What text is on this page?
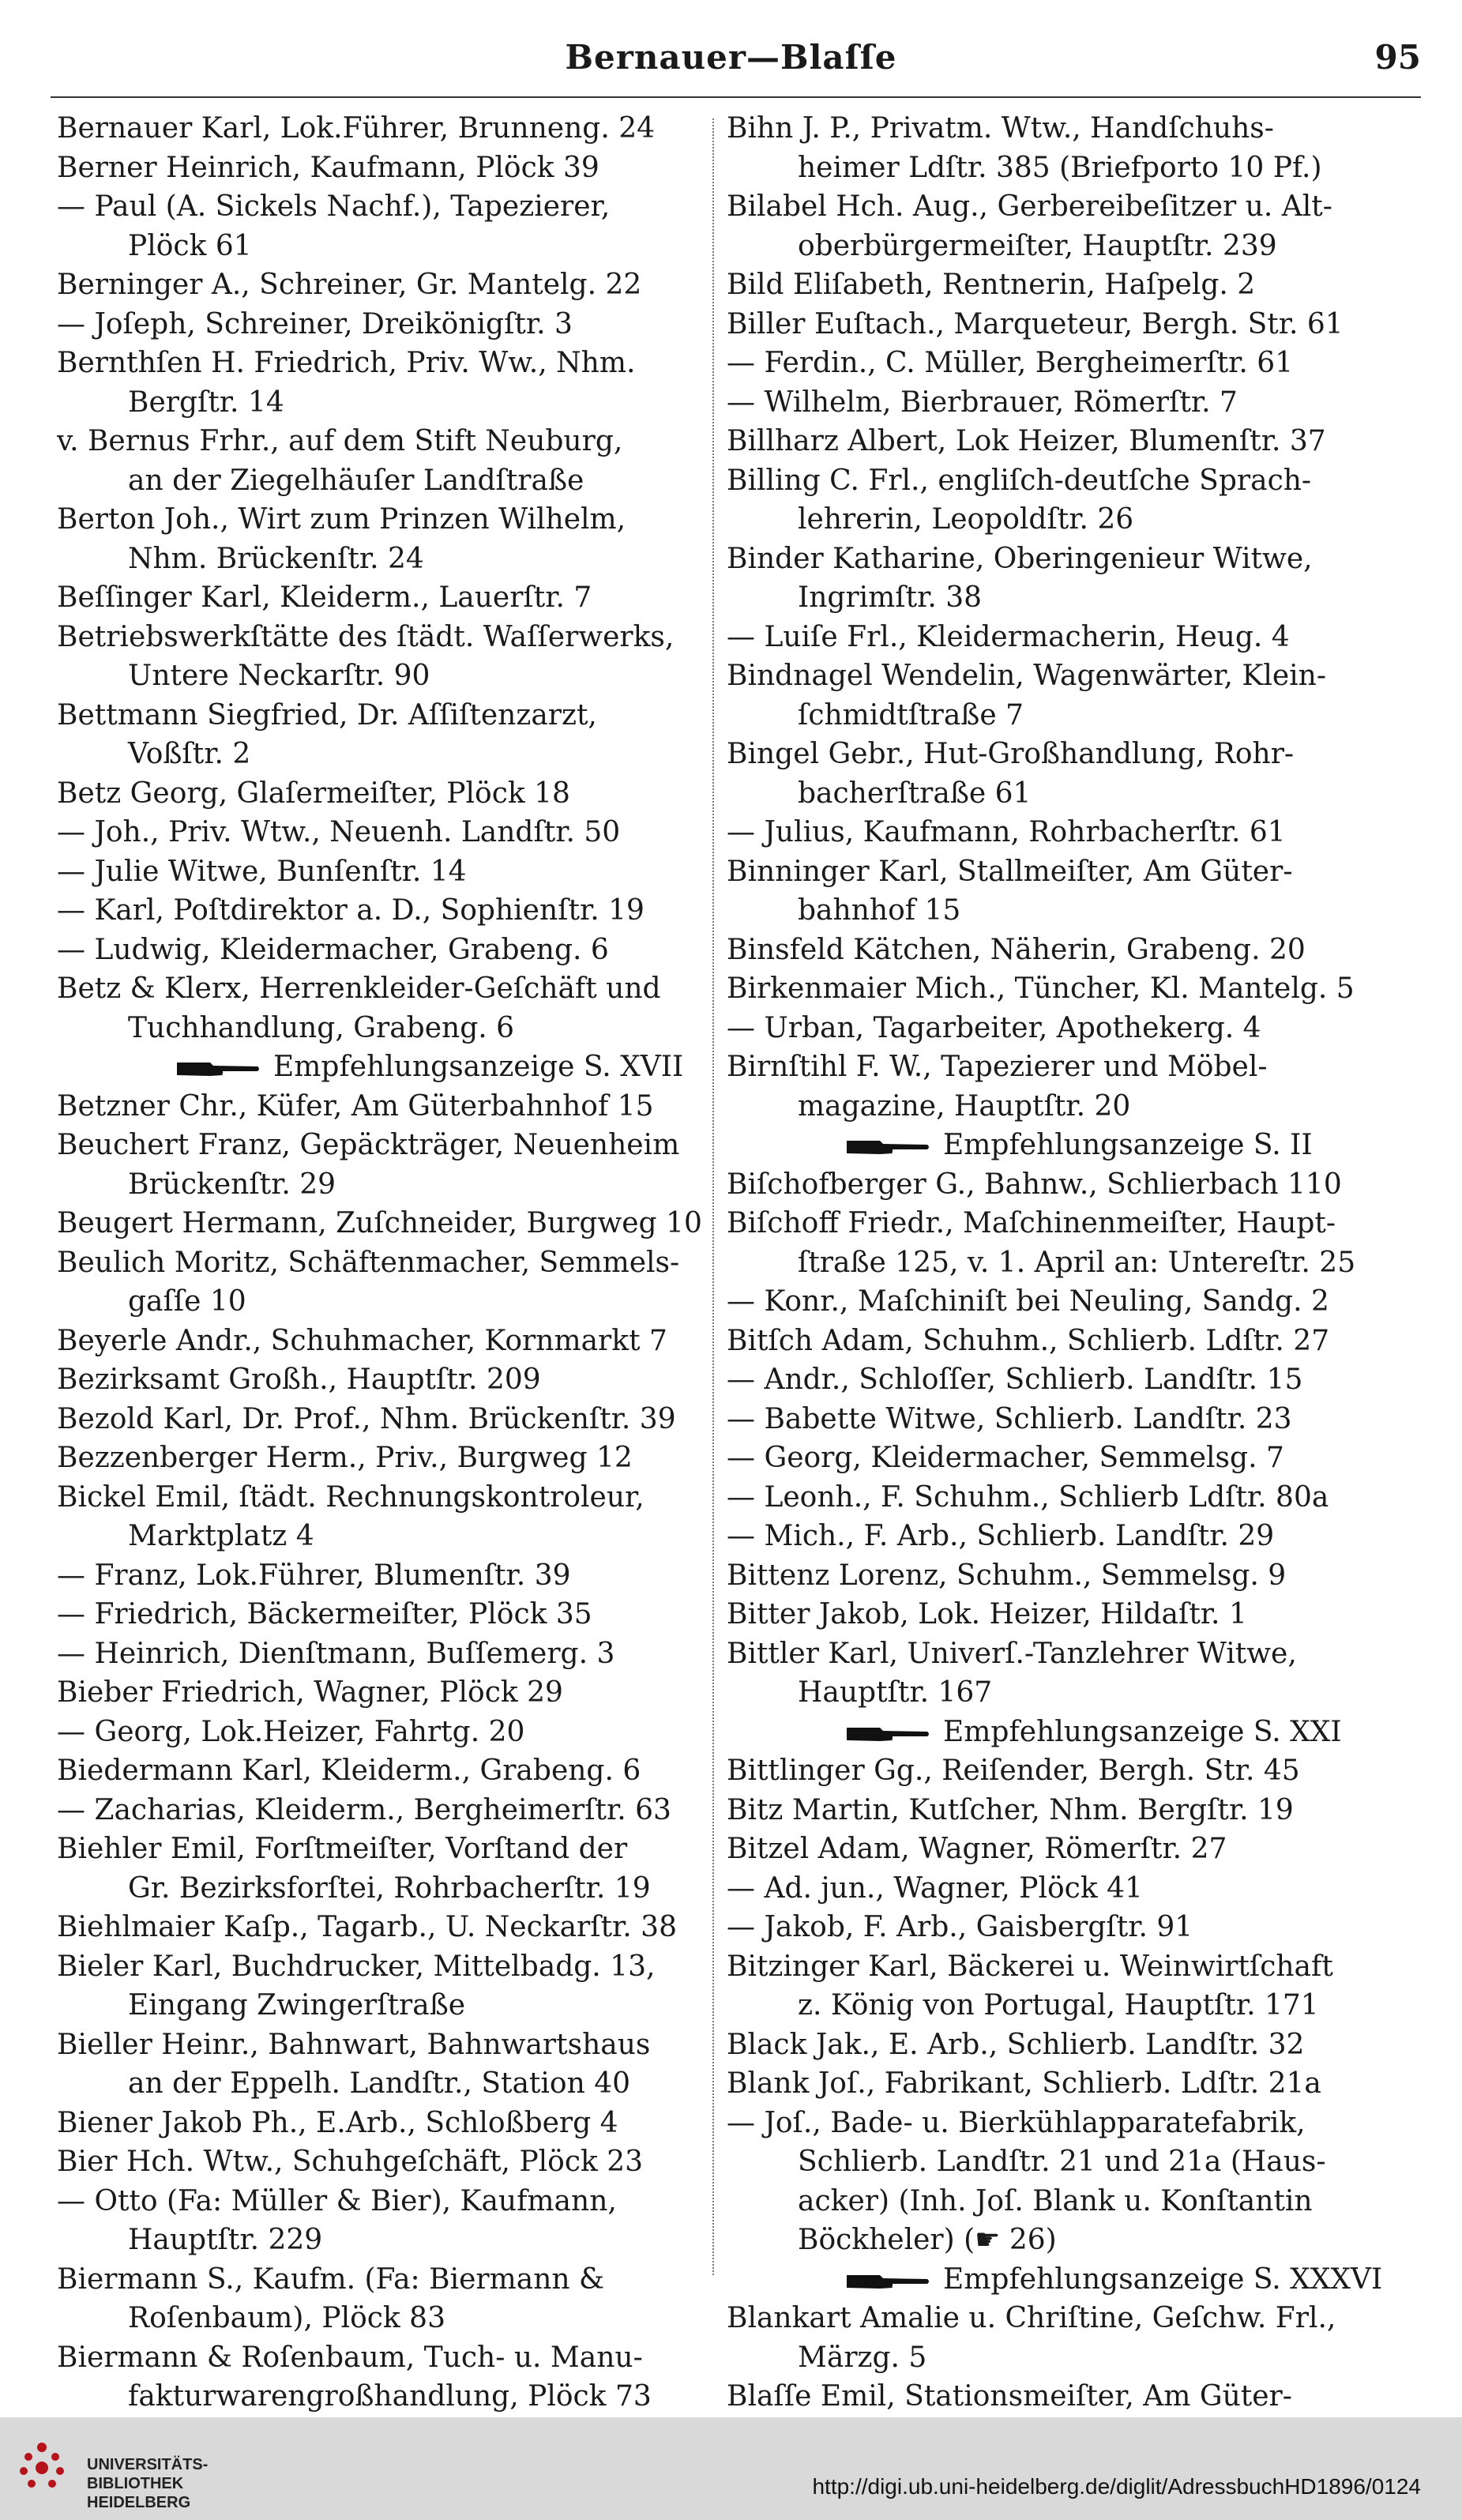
Bernauer—Blaſſe	95
Bernauer Karl, Lok.Führer, Brunneng. 24
Berner Heinrich, Kaufmann, Plöck 39
— Paul (A. Sickels Nachf.), Tapezierer,
Plöck 61
Berninger A., Schreiner, Gr. Mantelg. 22
— Joſeph, Schreiner, Dreikönigſtr. 3
Bernthſen H. Friedrich, Priv. Ww., Nhm.
Bergſtr. 14
v. Bernus Frhr., auf dem Stift Neuburg,
an der Ziegelhäuſer Landſtraße
Berton Joh., Wirt zum Prinzen Wilhelm,
Nhm. Brückenſtr. 24
Beſſinger Karl, Kleiderm., Lauerſtr. 7
Betriebswerkſtätte des ſtädt. Waſſerwerks,
Untere Neckarſtr. 90
Bettmann Siegfried, Dr. Aſſiſtenzarzt,
Voßſtr. 2
Betz Georg, Glaſermeiſter, Plöck 18
— Joh., Priv. Wtw., Neuenh. Landſtr. 50
— Julie Witwe, Bunſenſtr. 14
— Karl, Poſtdirektor a. D., Sophienſtr. 19
— Ludwig, Kleidermacher, Grabeng. 6
Betz & Klerx, Herrenkleider-Geſchäft und
Tuchhandlung, Grabeng. 6
Empfehlungsanzeige S. XVII
Betzner Chr., Küfer, Am Güterbahnhof 15
Beuchert Franz, Gepäckträger, Neuenheim
Brückenſtr. 29
Beugert Hermann, Zuſchneider, Burgweg 10
Beulich Moritz, Schäftenmacher, Semmels-
gaſſe 10
Beyerle Andr., Schuhmacher, Kornmarkt 7
Bezirksamt Großh., Hauptſtr. 209
Bezold Karl, Dr. Prof., Nhm. Brückenſtr. 39
Bezzenberger Herm., Priv., Burgweg 12
Bickel Emil, ſtädt. Rechnungskontroleur,
Marktplatz 4
— Franz, Lok.Führer, Blumenſtr. 39
— Friedrich, Bäckermeiſter, Plöck 35
— Heinrich, Dienſtmann, Buſſemerg. 3
Bieber Friedrich, Wagner, Plöck 29
— Georg, Lok.Heizer, Fahrtg. 20
Biedermann Karl, Kleiderm., Grabeng. 6
— Zacharias, Kleiderm., Bergheimerſtr. 63
Biehler Emil, Forſtmeiſter, Vorſtand der
Gr. Bezirksforſtei, Rohrbacherſtr. 19
Biehlmaier Kaſp., Tagarb., U. Neckarſtr. 38
Bieler Karl, Buchdrucker, Mittelbadg. 13,
Eingang Zwingerſtraße
Bieller Heinr., Bahnwart, Bahnwartshaus
an der Eppelh. Landſtr., Station 40
Biener Jakob Ph., E.Arb., Schloßberg 4
Bier Hch. Wtw., Schuhgeſchäft, Plöck 23
— Otto (Fa: Müller & Bier), Kaufmann,
Hauptſtr. 229
Biermann S., Kaufm. (Fa: Biermann &
Roſenbaum), Plöck 83
Biermann & Roſenbaum, Tuch- u. Manu-
fakturwarengroßhandlung, Plöck 73
Bihn J. P., Privatm. Wtw., Handſchuhs-
heimer Ldſtr. 385 (Briefporto 10 Pf.)
Bilabel Hch. Aug., Gerbereibeſitzer u. Alt-
oberbürgermeiſter, Hauptſtr. 239
Bild Eliſabeth, Rentnerin, Haſpelg. 2
Biller Euſtach., Marqueteur, Bergh. Str. 61
— Ferdin., C. Müller, Bergheimerſtr. 61
— Wilhelm, Bierbrauer, Römerſtr. 7
Billharz Albert, Lok Heizer, Blumenſtr. 37
Billing C. Frl., engliſch-deutſche Sprach-
lehrerin, Leopoldſtr. 26
Binder Katharine, Oberingenieur Witwe,
Ingrimſtr. 38
— Luiſe Frl., Kleidermacherin, Heug. 4
Bindnagel Wendelin, Wagenwärter, Klein-
ſchmidtſtraße 7
Bingel Gebr., Hut-Großhandlung, Rohr-
bacherſtraße 61
— Julius, Kaufmann, Rohrbacherſtr. 61
Binninger Karl, Stallmeiſter, Am Güter-
bahnhof 15
Binsfeld Kätchen, Näherin, Grabeng. 20
Birkenmaier Mich., Tüncher, Kl. Mantelg. 5
— Urban, Tagarbeiter, Apothekerg. 4
Birnſtihl F. W., Tapezierer und Möbel-
magazine, Hauptſtr. 20
Empfehlungsanzeige S. II
Biſchofberger G., Bahnw., Schlierbach 110
Biſchoff Friedr., Maſchinenmeiſter, Haupt-
ſtraße 125, v. 1. April an: Untereſtr. 25
— Konr., Maſchiniſt bei Neuling, Sandg. 2
Bitſch Adam, Schuhm., Schlierb. Ldſtr. 27
— Andr., Schloſſer, Schlierb. Landſtr. 15
— Babette Witwe, Schlierb. Landſtr. 23
— Georg, Kleidermacher, Semmelsg. 7
— Leonh., F. Schuhm., Schlierb Ldſtr. 80a
— Mich., F. Arb., Schlierb. Landſtr. 29
Bittenz Lorenz, Schuhm., Semmelsg. 9
Bitter Jakob, Lok. Heizer, Hildaſtr. 1
Bittler Karl, Univerſ.-Tanzlehrer Witwe,
Hauptſtr. 167
Empfehlungsanzeige S. XXI
Bittlinger Gg., Reiſender, Bergh. Str. 45
Bitz Martin, Kutſcher, Nhm. Bergſtr. 19
Bitzel Adam, Wagner, Römerſtr. 27
— Ad. jun., Wagner, Plöck 41
— Jakob, F. Arb., Gaisbergſtr. 91
Bitzinger Karl, Bäckerei u. Weinwirtſchaft
z. König von Portugal, Hauptſtr. 171
Black Jak., E. Arb., Schlierb. Landſtr. 32
Blank Joſ., Fabrikant, Schlierb. Ldſtr. 21a
— Joſ., Bade- u. Bierkühlapparatefabrik,
Schlierb. Landſtr. 21 und 21a (Haus-
acker) (Inh. Joſ. Blank u. Konſtantin
Böckheler) (☛ 26)
Empfehlungsanzeige S. XXXVI
Blankart Amalie u. Chriſtine, Geſchw. Frl.,
Märzg. 5
Blaſſe Emil, Stationsmeiſter, Am Güter-
UNIVERSITÄTS-
BIBLIOTHEK
HEIDELBERG
http://digi.ub.uni-heidelberg.de/diglit/AdressbuchHD1896/0124
